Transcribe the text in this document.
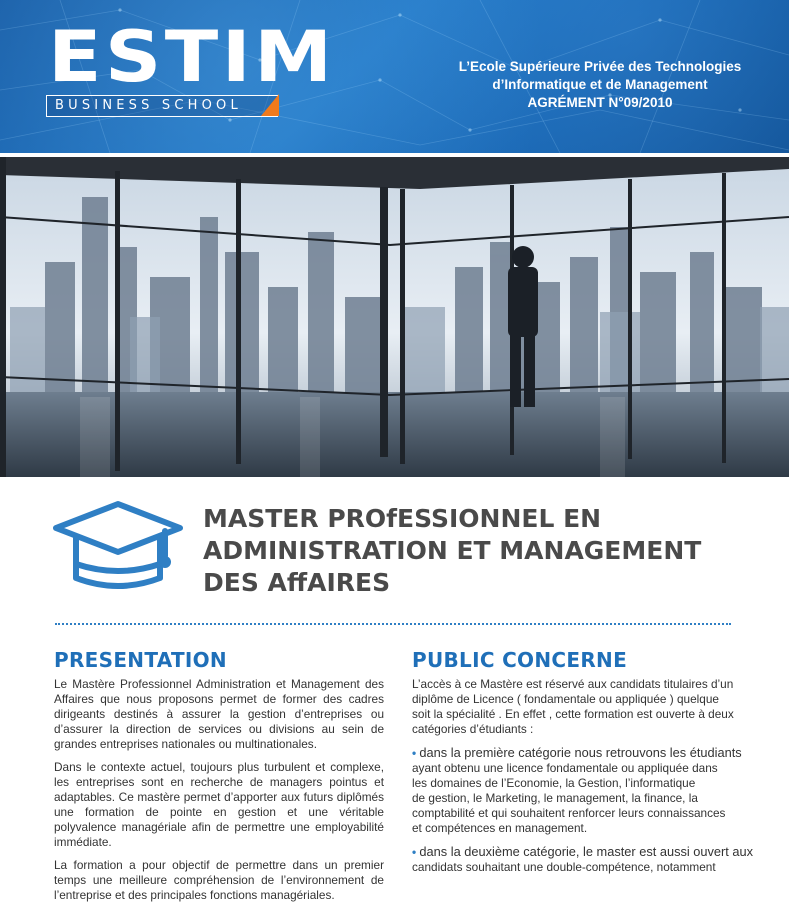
ESTIM
BUSINESS SCHOOL
L’Ecole Supérieure Privée des Technologies
d’Informatique et de Management
AGRÉMENT N°09/2010
MASTER PROfESSIONNEL EN
ADMINISTRATION ET MANAGEMENT
DES AffAIRES
PRESENTATION

Le Mastère Professionnel Administration et Management des Affaires que nous proposons permet de former des cadres dirigeants destinés à assurer la gestion d’entreprises ou d’assurer la direction de services ou divisions au sein de grandes entreprises nationales ou multinationales.

Dans le contexte actuel, toujours plus turbulent et complexe, les entreprises sont en recherche de managers pointus et adaptables. Ce mastère permet d’apporter aux futurs diplômés une formation de pointe en gestion et une véritable polyvalence managériale afin de permettre une employabilité immédiate.

La formation a pour objectif de permettre dans un premier temps une meilleure compréhension de l’environnement de l’entreprise et des principales fonctions managériales.

PUBLIC CONCERNE

L’accès à ce Mastère est réservé aux candidats titulaires d’un
diplôme de Licence ( fondamentale ou appliquée ) quelque
soit la spécialité . En effet , cette formation est ouverte à deux
catégories d’étudiants :

• dans la première catégorie nous retrouvons les étudiants
ayant obtenu une licence fondamentale ou appliquée dans
les domaines de l’Economie, la Gestion, l’informatique
de gestion, le Marketing, le management, la finance, la
comptabilité et qui souhaitent renforcer leurs connaissances
et compétences en management.

• dans la deuxième catégorie, le master est aussi ouvert aux
candidats souhaitant une double-compétence, notamment
